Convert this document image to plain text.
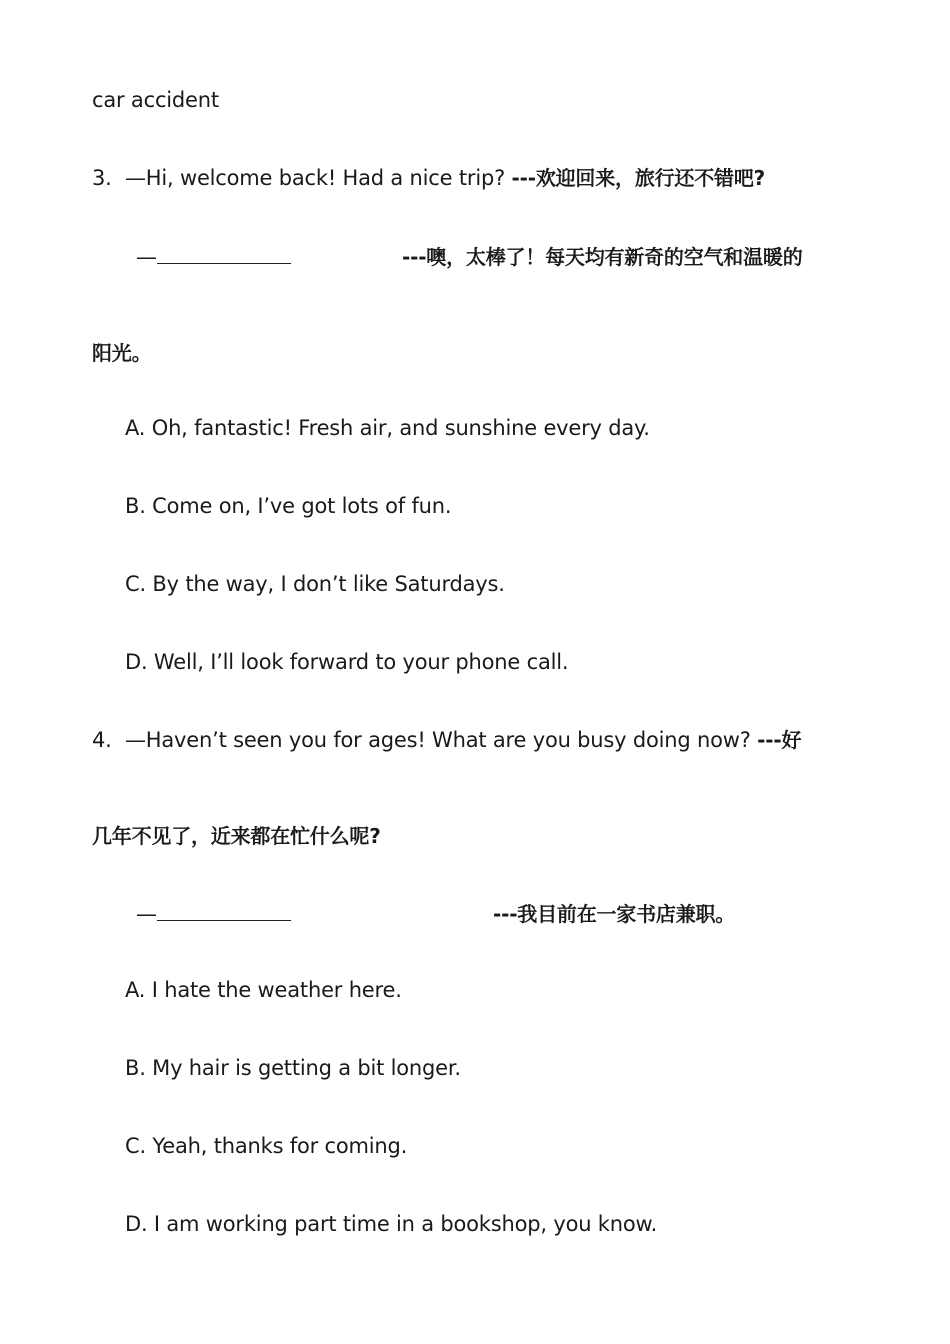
car accident
3. —Hi, welcome back! Had a nice trip? ---欢迎回来，旅行还不错吧?
—	---噢，太棒了！每天均有新奇的空气和温暖的
阳光。
A. Oh, fantastic! Fresh air, and sunshine every day.
B. Come on, I’ve got lots of fun.
C. By the way, I don’t like Saturdays.
D. Well, I’ll look forward to your phone call.
4. —Haven’t seen you for ages! What are you busy doing now? ---好
几年不见了，近来都在忙什么呢?
—	---我目前在一家书店兼职。
A. I hate the weather here.
B. My hair is getting a bit longer.
C. Yeah, thanks for coming.
D. I am working part time in a bookshop, you know.
